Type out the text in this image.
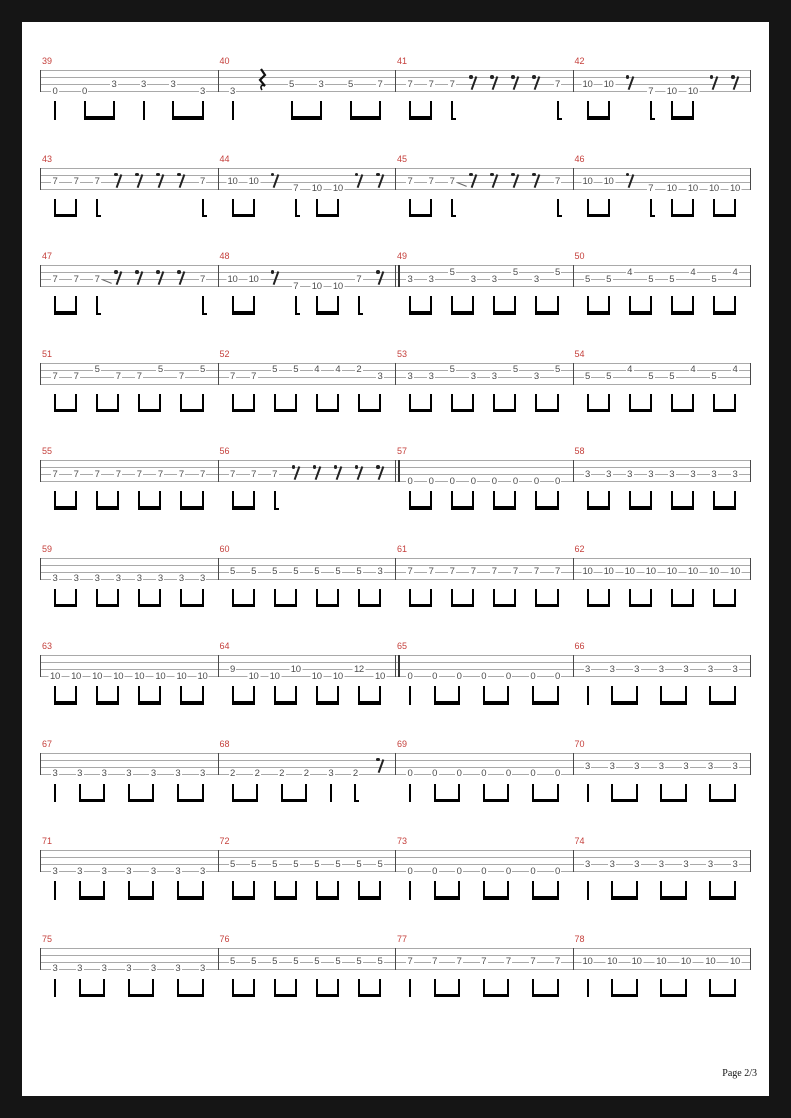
39
0	0
3	3	3
3
40
3
5	3	5	7
41
7 7 7	7
42
10 10
7 10 10
43
7 7 7	7
44
10 10
7 10 10
45
7 7 7	7
46
10 10
7 10 10 10 10
47
7 7 7	7
48
10 10
7 10 10
7
49
3 3
5
3 3
5
3
5
50
5 5
4
5 5
4
5
4
51
7 7
5
7 7
5
7
5
52
7 7
5 5 4 4 2
3
53
3 3
5
3 3
5
3
5
54
5 5
4
5 5
4
5
4
55
7 7 7 7 7 7 7 7
56
7 7 7
57
0 0 0 0 0 0 0 0
58
3 3 3 3 3 3 3 3
59
3 3 3 3 3 3 3 3
60
5 5 5 5 5 5 5 3
61
7 7 7 7 7 7 7 7
62
10 10 10 10 10 10 10 10
63
10 10 10 10 10 10 10 10
64
9
10 10
10
10 10
12
10
65
0 0 0 0 0 0 0
66
3 3 3 3 3 3 3
67
3 3 3 3 3 3 3
68
2 2 2 2 3 2
69
0 0 0 0 0 0 0
70
3 3 3 3 3 3 3
71
3 3 3 3 3 3 3
72
5 5 5 5 5 5 5 5
73
0 0 0 0 0 0 0
74
3 3 3 3 3 3 3
75
3 3 3 3 3 3 3
76
5 5 5 5 5 5 5 5
77
7 7 7 7 7 7 7
78
10 10 10 10 10 10 10
Page 2/3
